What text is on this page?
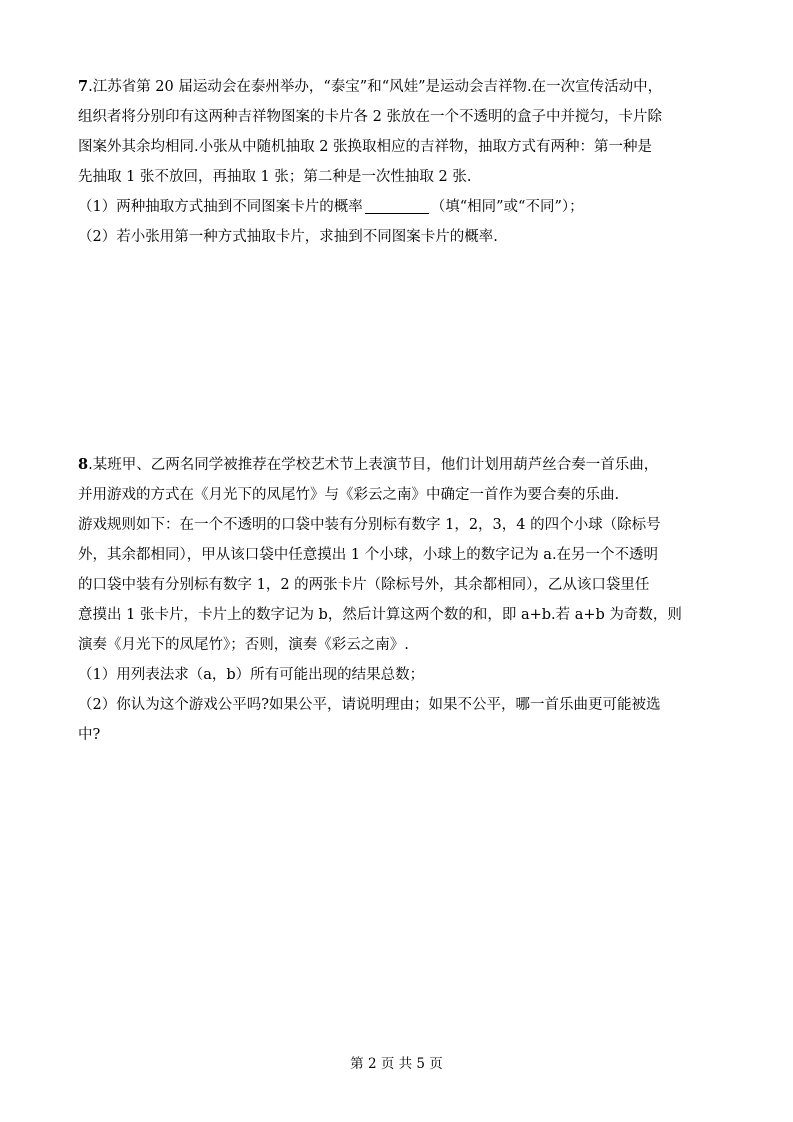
7.江苏省第 20 届运动会在泰州举办，“泰宝”和“风娃”是运动会吉祥物.在一次宣传活动中，
组织者将分别印有这两种吉祥物图案的卡片各 2 张放在一个不透明的盒子中并搅匀，卡片除
图案外其余均相同.小张从中随机抽取 2 张换取相应的吉祥物，抽取方式有两种：第一种是
先抽取 1 张不放回，再抽取 1 张；第二种是一次性抽取 2 张.
（1）两种抽取方式抽到不同图案卡片的概率	（填“相同”或“不同”）；
（2）若小张用第一种方式抽取卡片，求抽到不同图案卡片的概率.
8.某班甲、乙两名同学被推荐在学校艺术节上表演节目，他们计划用葫芦丝合奏一首乐曲，
并用游戏的方式在《月光下的凤尾竹》与《彩云之南》中确定一首作为要合奏的乐曲.
游戏规则如下：在一个不透明的口袋中装有分别标有数字 1，2，3，4 的四个小球（除标号
外，其余都相同），甲从该口袋中任意摸出 1 个小球，小球上的数字记为 a.在另一个不透明
的口袋中装有分别标有数字 1，2 的两张卡片（除标号外，其余都相同），乙从该口袋里任
意摸出 1 张卡片，卡片上的数字记为 b，然后计算这两个数的和，即 a+b.若 a+b 为奇数，则
演奏《月光下的凤尾竹》；否则，演奏《彩云之南》.
（1）用列表法求（a，b）所有可能出现的结果总数；
（2）你认为这个游戏公平吗?如果公平，请说明理由；如果不公平，哪一首乐曲更可能被选
中?
第 2 页 共 5 页
